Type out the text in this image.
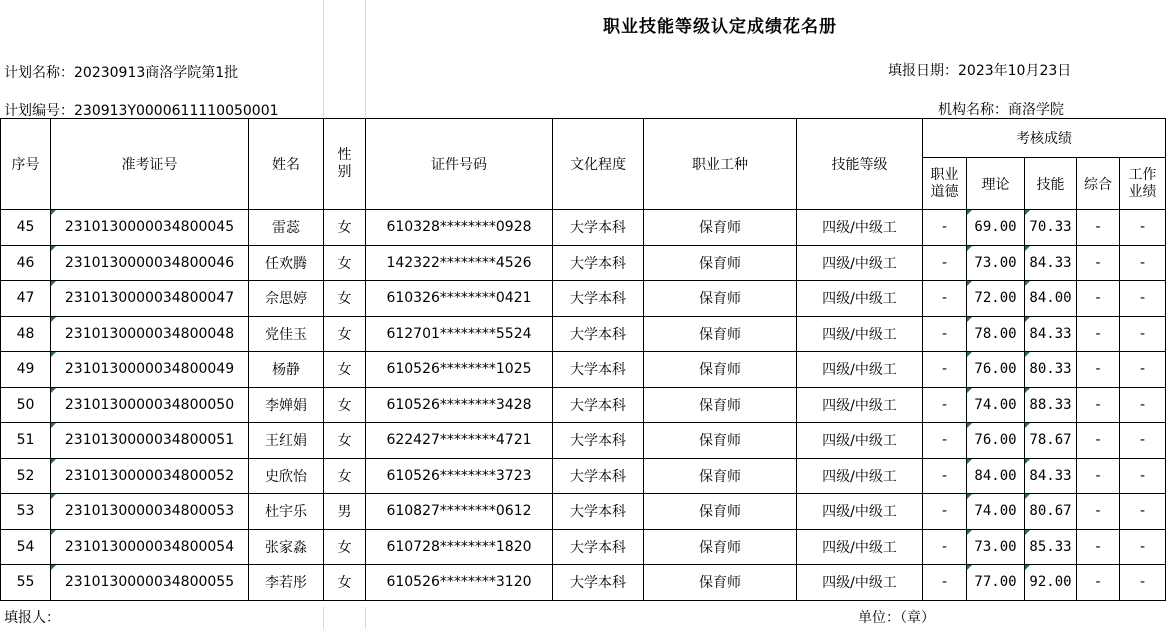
职业技能等级认定成绩花名册
计划名称：20230913商洛学院第1批
计划编号：230913Y0000611110050001
填报日期：2023年10月23日
机构名称：商洛学院
序号	准考证号	姓名	性别	证件号码	文化程度	职业工种	技能等级	考核成绩				
								职业道德	理论	技能	综合	工作业绩
45	2310130000034800045	雷蕊	女	610328********0928	大学本科	保育师	四级/中级工	-	69.00	70.33	-	-
46	2310130000034800046	任欢腾	女	142322********4526	大学本科	保育师	四级/中级工	-	73.00	84.33	-	-
47	2310130000034800047	佘思婷	女	610326********0421	大学本科	保育师	四级/中级工	-	72.00	84.00	-	-
48	2310130000034800048	党佳玉	女	612701********5524	大学本科	保育师	四级/中级工	-	78.00	84.33	-	-
49	2310130000034800049	杨静	女	610526********1025	大学本科	保育师	四级/中级工	-	76.00	80.33	-	-
50	2310130000034800050	李婵娟	女	610526********3428	大学本科	保育师	四级/中级工	-	74.00	88.33	-	-
51	2310130000034800051	王红娟	女	622427********4721	大学本科	保育师	四级/中级工	-	76.00	78.67	-	-
52	2310130000034800052	史欣怡	女	610526********3723	大学本科	保育师	四级/中级工	-	84.00	84.33	-	-
53	2310130000034800053	杜宇乐	男	610827********0612	大学本科	保育师	四级/中级工	-	74.00	80.67	-	-
54	2310130000034800054	张家淼	女	610728********1820	大学本科	保育师	四级/中级工	-	73.00	85.33	-	-
55	2310130000034800055	李若彤	女	610526********3120	大学本科	保育师	四级/中级工	-	77.00	92.00	-	-
填报人：	单位：（章）
